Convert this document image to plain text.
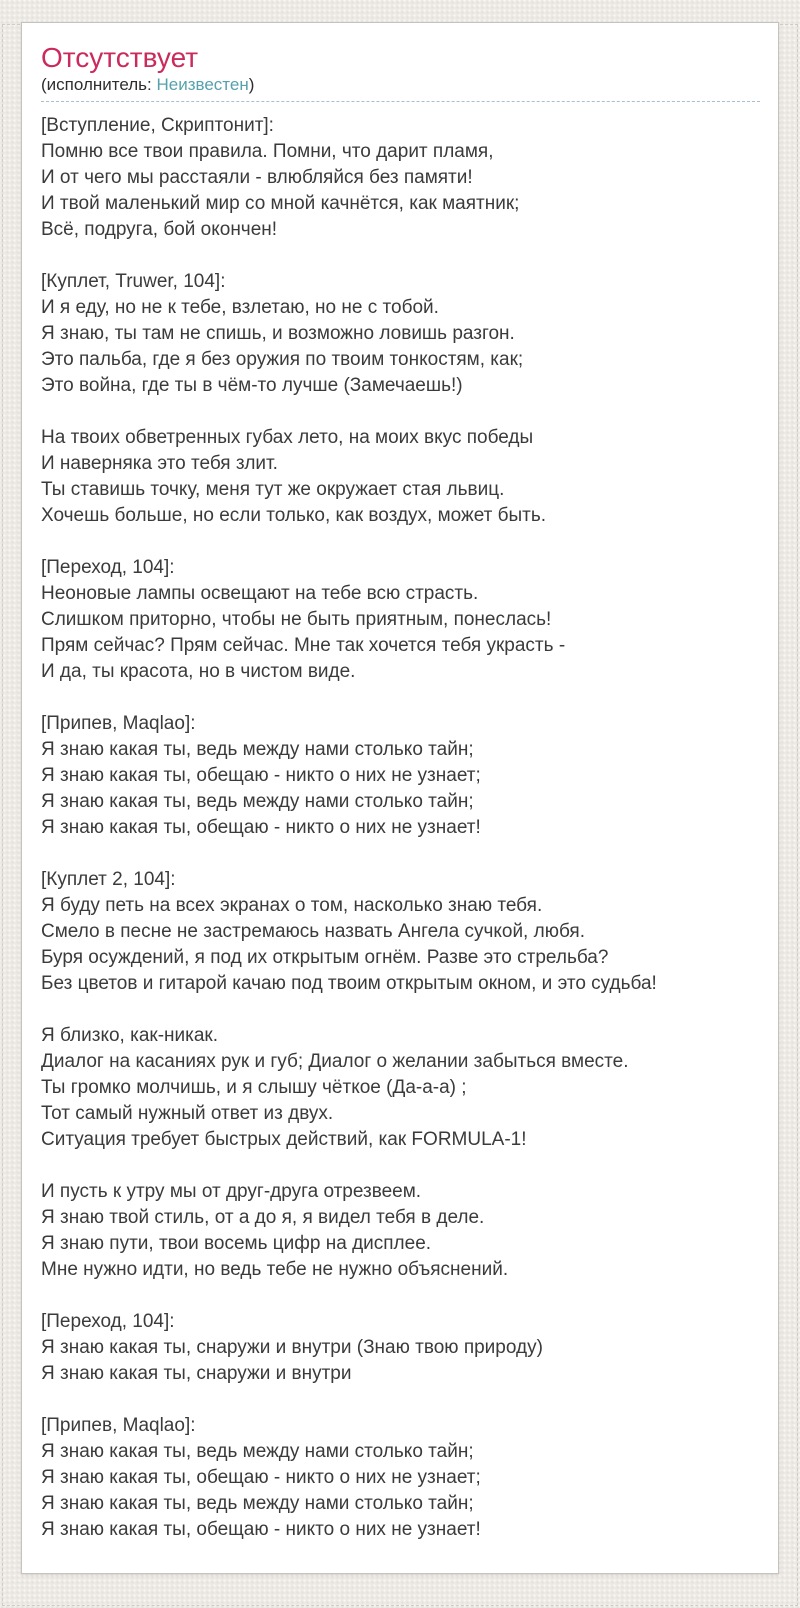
Отсутствует
(исполнитель: Неизвестен)
[Вступление, Скриптонит]:
Помню все твои правила. Помни, что дарит пламя,
И от чего мы расстаяли - влюбляйся без памяти!
И твой маленький мир со мной качнётся, как маятник;
Всё, подруга, бой окончен!
[Куплет, Truwer, 104]:
И я еду, но не к тебе, взлетаю, но не с тобой.
Я знаю, ты там не спишь, и возможно ловишь разгон.
Это пальба, где я без оружия по твоим тонкостям, как;
Это война, где ты в чём-то лучше (Замечаешь!)
На твоих обветренных губах лето, на моих вкус победы
И наверняка это тебя злит.
Ты ставишь точку, меня тут же окружает стая львиц.
Хочешь больше, но если только, как воздух, может быть.
[Переход, 104]:
Неоновые лампы освещают на тебе всю страсть.
Слишком приторно, чтобы не быть приятным, понеслась!
Прям сейчас? Прям сейчас. Мне так хочется тебя украсть -
И да, ты красота, но в чистом виде.
[Припев, Maqlao]:
Я знаю какая ты, ведь между нами столько тайн;
Я знаю какая ты, обещаю - никто о них не узнает;
Я знаю какая ты, ведь между нами столько тайн;
Я знаю какая ты, обещаю - никто о них не узнает!
[Куплет 2, 104]:
Я буду петь на всех экранах о том, насколько знаю тебя.
Смело в песне не застремаюсь назвать Ангела сучкой, любя.
Буря осуждений, я под их открытым огнём. Разве это стрельба?
Без цветов и гитарой качаю под твоим открытым окном, и это судьба!
Я близко, как-никак.
Диалог на касаниях рук и губ; Диалог о желании забыться вместе.
Ты громко молчишь, и я слышу чёткое (Да-а-а) ;
Тот самый нужный ответ из двух.
Ситуация требует быстрых действий, как FORMULA-1!
И пусть к утру мы от друг-друга отрезвеем.
Я знаю твой стиль, от а до я, я видел тебя в деле.
Я знаю пути, твои восемь цифр на дисплее.
Мне нужно идти, но ведь тебе не нужно объяснений.
[Переход, 104]:
Я знаю какая ты, снаружи и внутри (Знаю твою природу)
Я знаю какая ты, снаружи и внутри
[Припев, Maqlao]:
Я знаю какая ты, ведь между нами столько тайн;
Я знаю какая ты, обещаю - никто о них не узнает;
Я знаю какая ты, ведь между нами столько тайн;
Я знаю какая ты, обещаю - никто о них не узнает!
